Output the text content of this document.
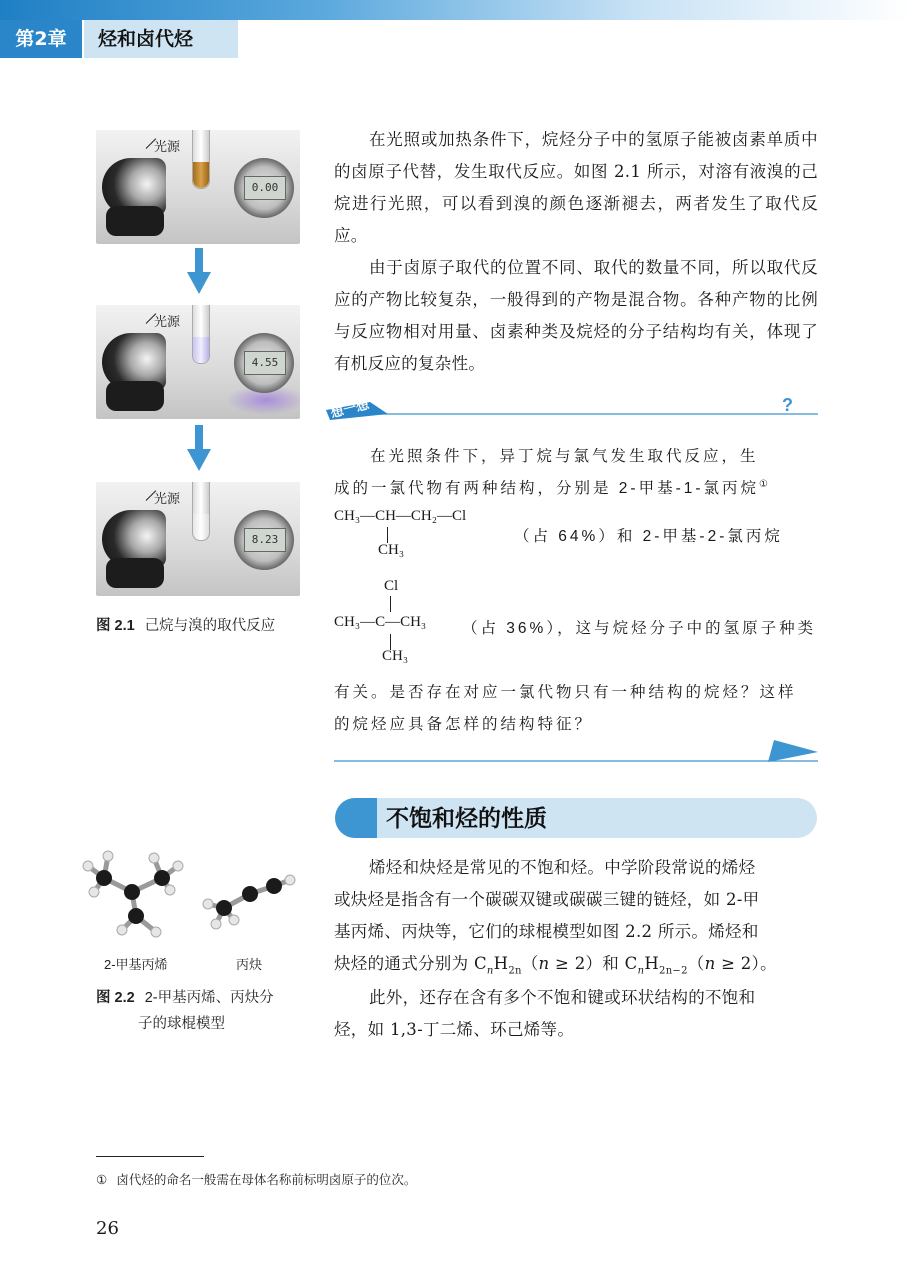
第2章	烃和卤代烃
0.00
光源
4.55
光源
8.23
光源
图 2.1 己烷与溴的取代反应
在光照或加热条件下，烷烃分子中的氢原子能被卤素单质中的卤原子代替，发生取代反应。如图 2.1 所示，对溶有液溴的己烷进行光照，可以看到溴的颜色逐渐褪去，两者发生了取代反应。
由于卤原子取代的位置不同、取代的数量不同，所以取代反应的产物比较复杂，一般得到的产物是混合物。各种产物的比例与反应物相对用量、卤素种类及烷烃的分子结构均有关，体现了有机反应的复杂性。
?
想一想
在光照条件下，异丁烷与氯气发生取代反应，生
成的一氯代物有两种结构，分别是 2-甲基-1-氯丙烷①
CH₃—CH—CH₂—Cl
CH₃
（占 64%）和 2-甲基-2-氯丙烷
Cl
CH₃—C—CH₃
CH₃
（占 36%），这与烷烃分子中的氢原子种类
有关。是否存在对应一氯代物只有一种结构的烷烃？这样
的烷烃应具备怎样的结构特征？
不饱和烃的性质
2-甲基丙烯	丙炔
图 2.2 2-甲基丙烯、丙炔分
子的球棍模型
烯烃和炔烃是常见的不饱和烃。中学阶段常说的烯烃
或炔烃是指含有一个碳碳双键或碳碳三键的链烃，如 2-甲
基丙烯、丙炔等，它们的球棍模型如图 2.2 所示。烯烃和
炔烃的通式分别为 $C_nH_{2n}(n \ge 2)$和 $C_nH_{2n-2}(n \ge 2)$。
此外，还存在含有多个不饱和键或环状结构的不饱和
烃，如 1,3-丁二烯、环己烯等。
① 卤代烃的命名一般需在母体名称前标明卤原子的位次。
26
